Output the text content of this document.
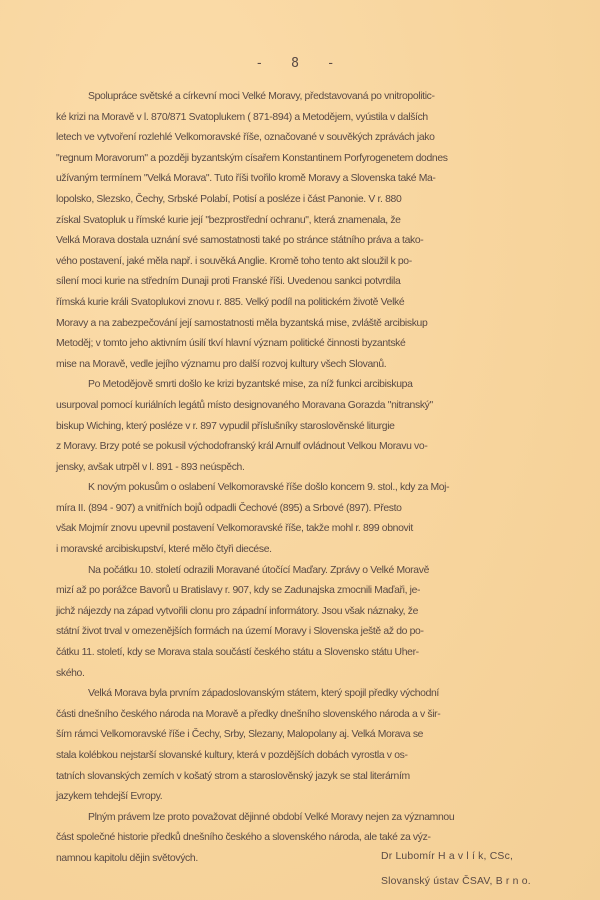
- 8 -
Spolupráce světské a církevní moci Velké Moravy, představovaná po vnitropolitic-
ké krizi na Moravě v l. 870/871 Svatoplukem ( 871-894) a Metodějem, vyústila v dalších
letech ve vytvoření rozlehlé Velkomoravské říše, označované v souvěkých zprávách jako
"regnum Moravorum" a později byzantským císařem Konstantinem Porfyrogenetem dodnes
užívaným termínem "Velká Morava". Tuto říši tvořilo kromě Moravy a Slovenska také Ma-
lopolsko, Slezsko, Čechy, Srbské Polabí, Potisí a posléze i část Panonie. V r. 880
získal Svatopluk u římské kurie její "bezprostřední ochranu", která znamenala, že
Velká Morava dostala uznání své samostatnosti také po stránce státního práva a tako-
vého postavení, jaké měla např. i souvěká Anglie. Kromě toho tento akt sloužil k po-
sílení moci kurie na středním Dunaji proti Franské říši. Uvedenou sankci potvrdila
římská kurie králi Svatoplukovi znovu r. 885. Velký podíl na politickém životě Velké
Moravy a na zabezpečování její samostatnosti měla byzantská mise, zvláště arcibiskup
Metoděj; v tomto jeho aktivním úsilí tkví hlavní význam politické činnosti byzantské
mise na Moravě, vedle jejího významu pro další rozvoj kultury všech Slovanů.
Po Metodějově smrti došlo ke krizi byzantské mise, za níž funkci arcibiskupa
usurpoval pomocí kuriálních legátů místo designovaného Moravana Gorazda "nitranský"
biskup Wiching, který posléze v r. 897 vypudil příslušníky staroslověnské liturgie
z Moravy. Brzy poté se pokusil východofranský král Arnulf ovládnout Velkou Moravu vo-
jensky, avšak utrpěl v l. 891 - 893 neúspěch.
K novým pokusům o oslabení Velkomoravské říše došlo koncem 9. stol., kdy za Moj-
míra II. (894 - 907) a vnitřních bojů odpadli Čechové (895) a Srbové (897). Přesto
však Mojmír znovu upevnil postavení Velkomoravské říše, takže mohl r. 899 obnovit
i moravské arcibiskupství, které mělo čtyři diecése.
Na počátku 10. století odrazili Moravané útočící Maďary. Zprávy o Velké Moravě
mizí až po porážce Bavorů u Bratislavy r. 907, kdy se Zadunajska zmocnili Maďaři, je-
jichž nájezdy na západ vytvořili clonu pro západní informátory. Jsou však náznaky, že
státní život trval v omezenějších formách na území Moravy i Slovenska ještě až do po-
čátku 11. století, kdy se Morava stala součástí českého státu a Slovensko státu Uher-
ského.
Velká Morava byla prvním západoslovanským státem, který spojil předky východní
části dnešního českého národa na Moravě a předky dnešního slovenského národa a v šir-
ším rámci Velkomoravské říše i Čechy, Srby, Slezany, Malopolany aj. Velká Morava se
stala kolébkou nejstarší slovanské kultury, která v pozdějších dobách vyrostla v os-
tatních slovanských zemích v košatý strom a staroslověnský jazyk se stal literárním
jazykem tehdejší Evropy.
Plným právem lze proto považovat dějinné období Velké Moravy nejen za významnou
část společné historie předků dnešního českého a slovenského národa, ale také za výz-
namnou kapitolu dějin světových.	Dr Lubomír H a v l í k, CSc,
Slovanský ústav ČSAV, B r n o.
